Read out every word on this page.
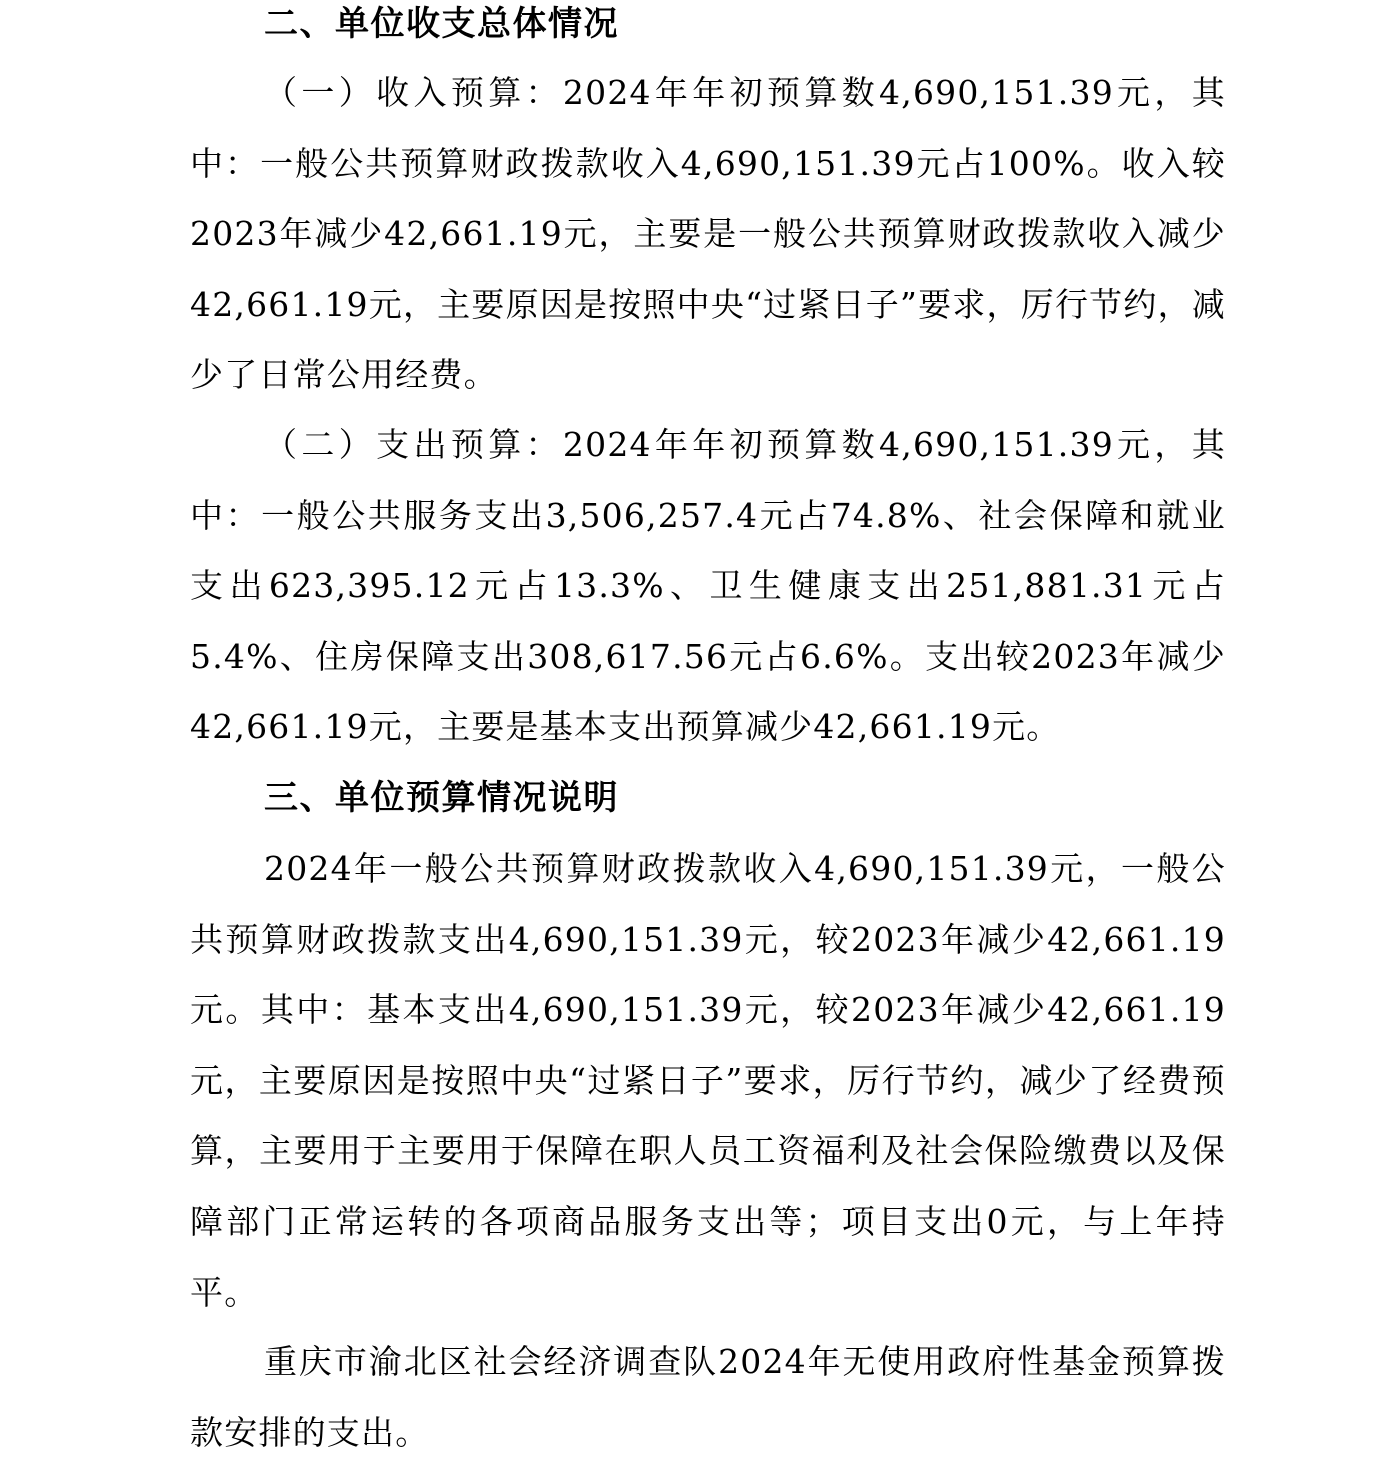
二、单位收支总体情况

（一）收入预算：2024年年初预算数4,690,151.39元，其中：一般公共预算财政拨款收入4,690,151.39元占100%。收入较2023年减少42,661.19元，主要是一般公共预算财政拨款收入减少42,661.19元，主要原因是按照中央“过紧日子”要求，厉行节约，减少了日常公用经费。

（二）支出预算：2024年年初预算数4,690,151.39元，其中：一般公共服务支出3,506,257.4元占74.8%、社会保障和就业支出623,395.12元占13.3%、卫生健康支出251,881.31元占5.4%、住房保障支出308,617.56元占6.6%。支出较2023年减少42,661.19元，主要是基本支出预算减少42,661.19元。

三、单位预算情况说明

2024年一般公共预算财政拨款收入4,690,151.39元，一般公共预算财政拨款支出4,690,151.39元，较2023年减少42,661.19元。其中：基本支出4,690,151.39元，较2023年减少42,661.19元，主要原因是按照中央“过紧日子”要求，厉行节约，减少了经费预算，主要用于主要用于保障在职人员工资福利及社会保险缴费以及保障部门正常运转的各项商品服务支出等；项目支出0元，与上年持平。

重庆市渝北区社会经济调查队2024年无使用政府性基金预算拨款安排的支出。
